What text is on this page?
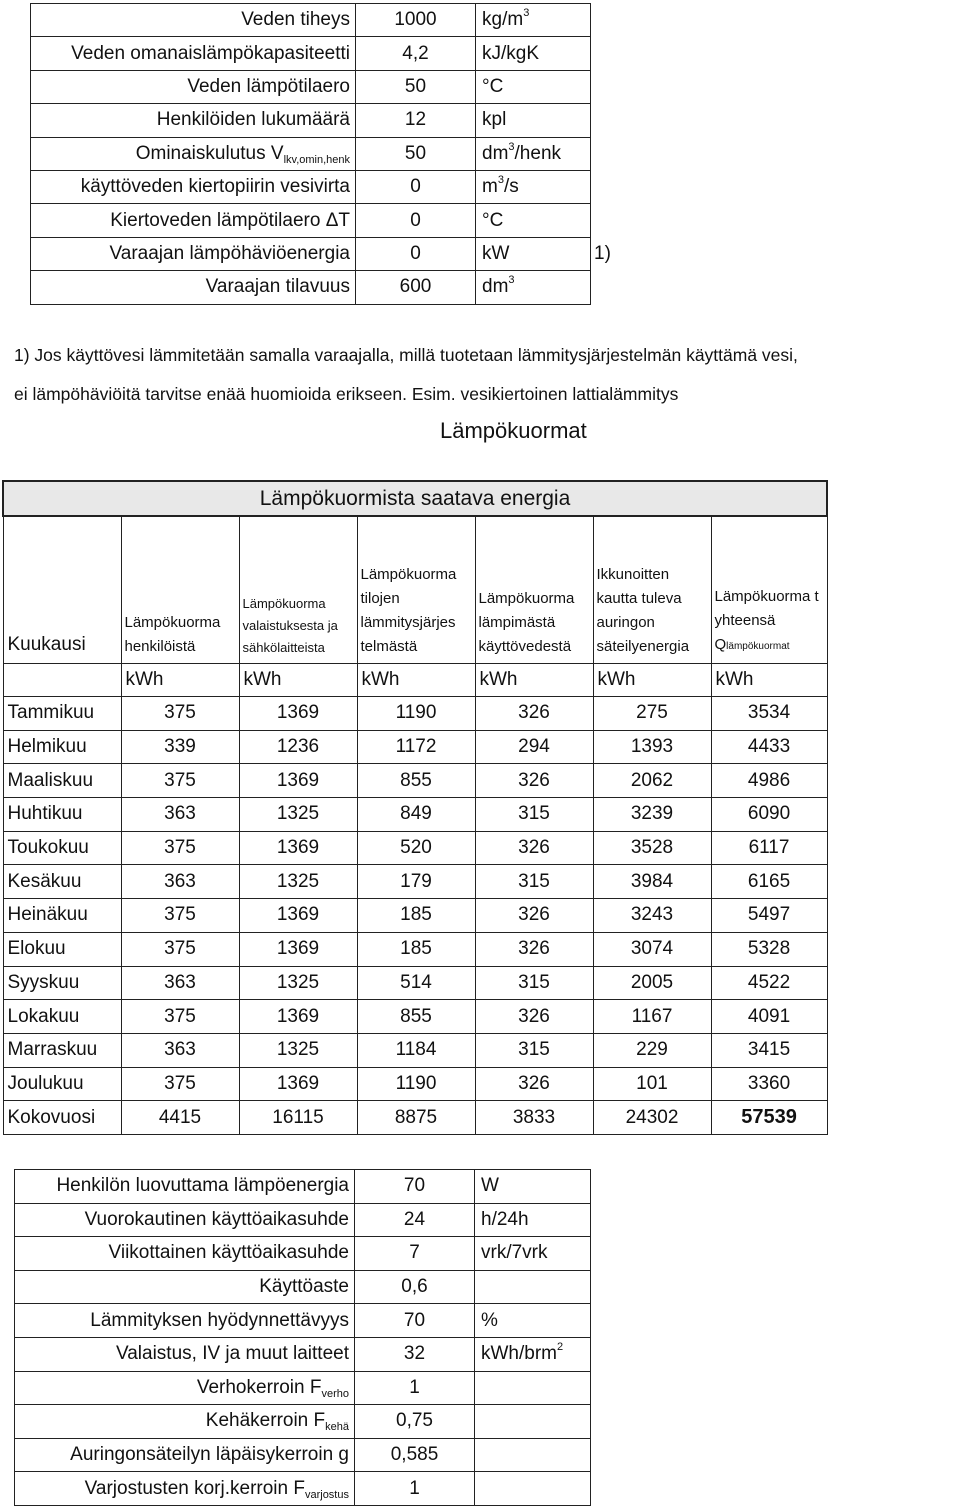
Veden tiheys	1000	$kg/m^3$	
Veden omanaislämpökapasiteetti	4,2	kJ/kgK	
Veden lämpötilaero	50	°C	
Henkilöiden lukumäärä	12	kpl	
Ominaiskulutus $V_{lkv,omin,henk}$	50	$dm^3$/henk	
käyttöveden kiertopiirin vesivirta	0	$m^3/s$	
Kiertoveden lämpötilaero ΔT	0	°C	
Varaajan lämpöhäviöenergia	0	kW	1)
Varaajan tilavuus	600	$dm^3$	
1) Jos käyttövesi lämmitetään samalla varaajalla, millä tuotetaan lämmitysjärjestelmän käyttämä vesi,
ei lämpöhäviöitä tarvitse enää huomioida erikseen. Esim. vesikiertoinen lattialämmitys
Lämpökuormat
Lämpökuormista saatava energia						
Kuukausi	Lämpökuorma henkilöistä	Lämpökuorma valaistuksesta ja sähkölaitteista	Lämpökuorma tilojen lämmitysjärjes telmästä	Lämpökuorma lämpimästä käyttövedestä	Ikkunoitten kautta tuleva auringon säteilyenergia	Lämpökuorma t yhteensä Qlämpökuormat
	kWh	kWh	kWh	kWh	kWh	kWh
Tammikuu	375	1369	1190	326	275	3534
Helmikuu	339	1236	1172	294	1393	4433
Maaliskuu	375	1369	855	326	2062	4986
Huhtikuu	363	1325	849	315	3239	6090
Toukokuu	375	1369	520	326	3528	6117
Kesäkuu	363	1325	179	315	3984	6165
Heinäkuu	375	1369	185	326	3243	5497
Elokuu	375	1369	185	326	3074	5328
Syyskuu	363	1325	514	315	2005	4522
Lokakuu	375	1369	855	326	1167	4091
Marraskuu	363	1325	1184	315	229	3415
Joulukuu	375	1369	1190	326	101	3360
Kokovuosi	4415	16115	8875	3833	24302	57539
Henkilön luovuttama lämpöenergia	70	W
Vuorokautinen käyttöaikasuhde	24	h/24h
Viikottainen käyttöaikasuhde	7	vrk/7vrk
Käyttöaste	0,6	
Lämmityksen hyödynnettävyys	70	%
Valaistus, IV ja muut laitteet	32	kWh/brm$^2$
Verhokerroin $F_{verho}$	1	
Kehäkerroin $F_{kehä}$	0,75	
Auringonsäteilyn läpäisykerroin g	0,585	
Varjostusten korj.kerroin $F_{varjostus}$	1	
